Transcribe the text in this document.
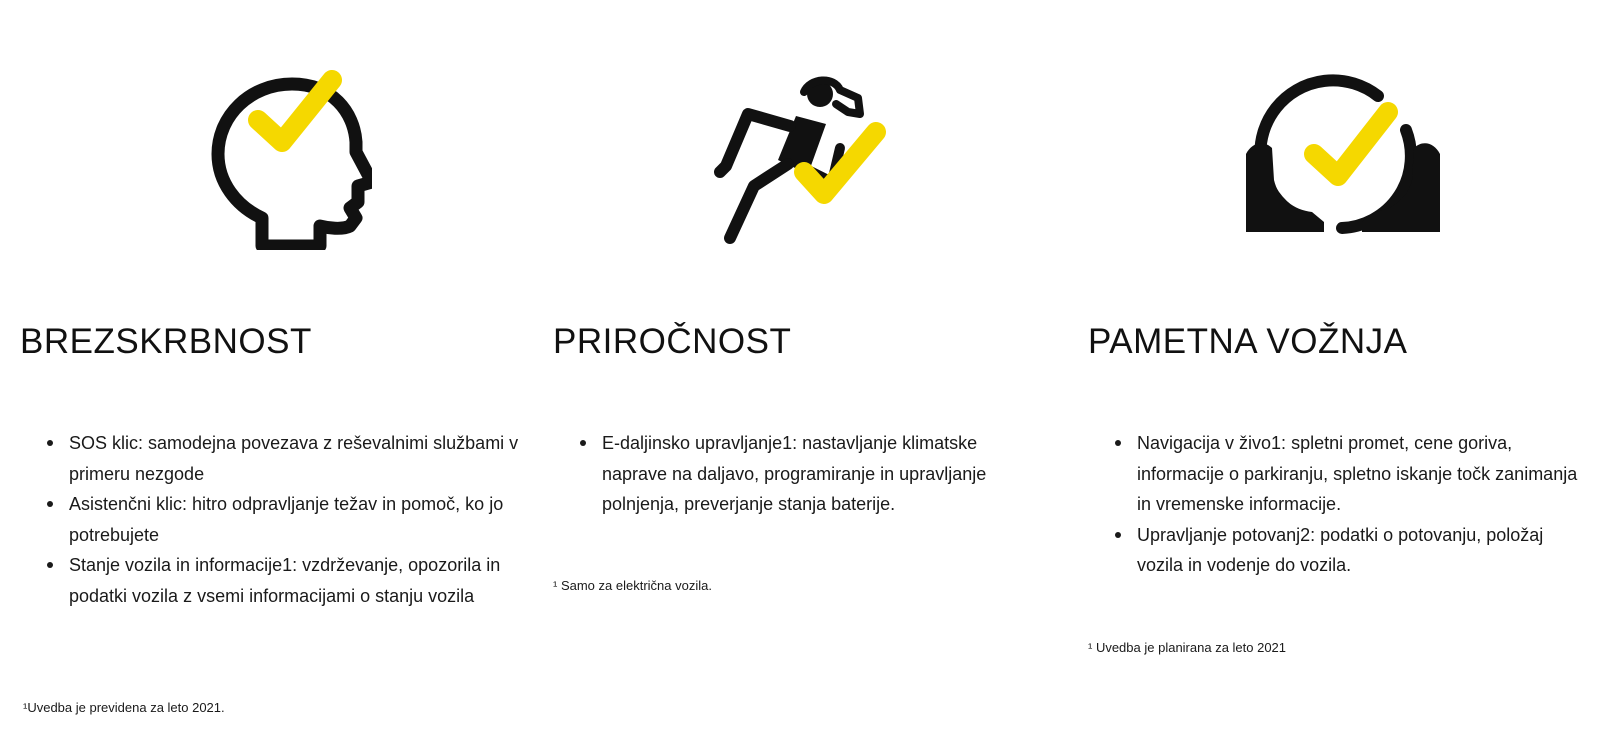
BREZSKRBNOST
SOS klic: samodejna povezava z reševalnimi službami v primeru nezgode
Asistenčni klic: hitro odpravljanje težav in pomoč, ko jo potrebujete
Stanje vozila in informacije1: vzdrževanje, opozorila in podatki vozila z vsemi informacijami o stanju vozila

¹Uvedba je previdena za leto 2021.

PRIROČNOST
E-daljinsko upravljanje1: nastavljanje klimatske naprave na daljavo, programiranje in upravljanje polnjenja, preverjanje stanja baterije.

¹ Samo za električna vozila.

PAMETNA VOŽNJA
Navigacija v živo1: spletni promet, cene goriva, informacije o parkiranju, spletno iskanje točk zanimanja in vremenske informacije.
Upravljanje potovanj2: podatki o potovanju, položaj vozila in vodenje do vozila.

¹ Uvedba je planirana za leto 2021
